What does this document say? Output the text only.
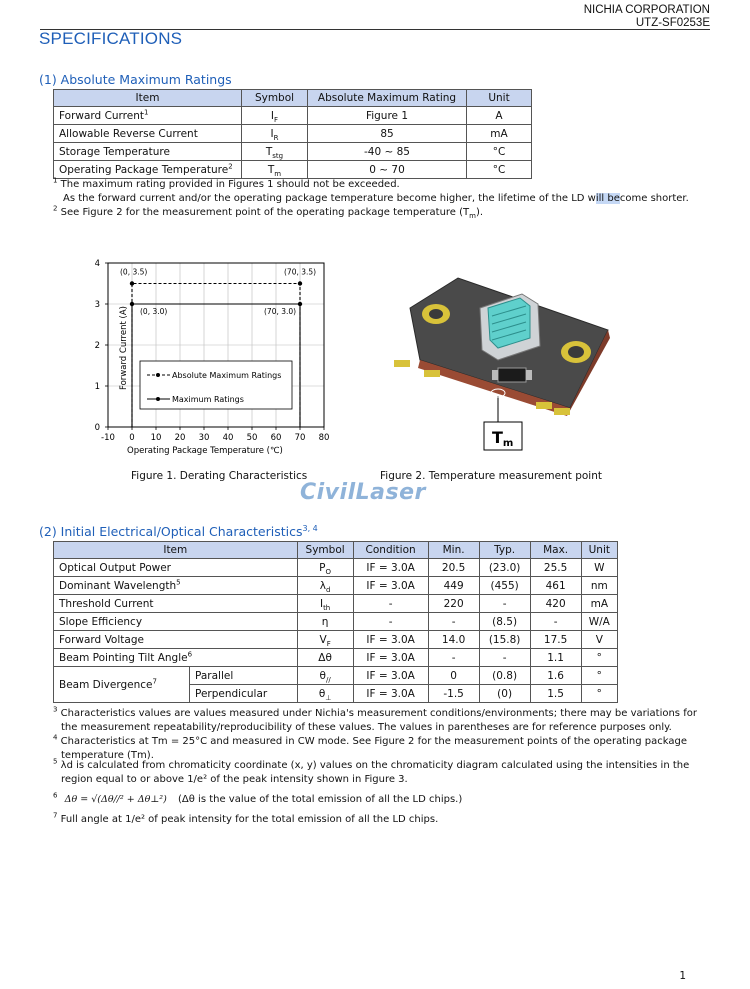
NICHIA CORPORATION
UTZ-SF0253E
SPECIFICATIONS
(1) Absolute Maximum Ratings
Item	Symbol	Absolute Maximum Rating	Unit
Forward Current$^1$	$I_F$	Figure 1	A
Allowable Reverse Current	$I_R$	85	mA
Storage Temperature	$T_{stg}$	-40 ~ 85	°C
Operating Package Temperature$^2$	$T_m$	0 ~ 70	°C
$^1$ The maximum rating provided in Figures 1 should not be exceeded.
As the forward current and/or the operating package temperature become higher, the lifetime of the LD will become shorter.
$^2$ See Figure 2 for the measurement point of the operating package temperature $(T_m)$.
-10 0 10 20 30 40 50 60 70 80
0
1
2
3
4
(0, 3.5)	(70, 3.5)
(0, 3.0)	(70, 3.0)
Absolute Maximum Ratings
Maximum Ratings
Forward Current (A)
Operating Package Temperature (℃)
Figure 1. Derating Characteristics
Tm
Figure 2. Temperature measurement point
CivilLaser
(2) Initial Electrical/Optical Characteristics$^{3, 4}$
Item		Symbol	Condition	Min.	Typ.	Max.	Unit
Optical Output Power		$P_O$	IF = 3.0A	20.5	(23.0)	25.5	W
Dominant Wavelength$^5$		$\lambda_d$	IF = 3.0A	449	(455)	461	nm
Threshold Current		$I_{th}$	-	220	-	420	mA
Slope Efficiency		η	-	-	(8.5)	-	W/A
Forward Voltage		$V_F$	IF = 3.0A	14.0	(15.8)	17.5	V
Beam Pointing Tilt Angle$^6$		Δθ	IF = 3.0A	-	-	1.1	°
Beam Divergence$^7$	Parallel	$\theta_{//}$	IF = 3.0A	0	(0.8)	1.6	°
	Perpendicular	$\theta_\perp$	IF = 3.0A	-1.5	(0)	1.5	°
$^3$ Characteristics values are values measured under Nichia's measurement conditions/environments; there may be variations for
the measurement repeatability/reproducibility of these values. The values in parentheses are for reference purposes only.
$^4$ Characteristics at Tm = 25°C and measured in CW mode. See Figure 2 for the measurement points of the operating package
temperature (Tm).
$^5$ λd is calculated from chromaticity coordinate (x, y) values on the chromaticity diagram calculated using the intensities in the
region equal to or above 1/e² of the peak intensity shown in Figure 3.
$^6$ Δθ = √(Δθ//² + Δθ⊥²) (Δθ is the value of the total emission of all the LD chips.)
$^7$ Full angle at 1/e² of peak intensity for the total emission of all the LD chips.
1
